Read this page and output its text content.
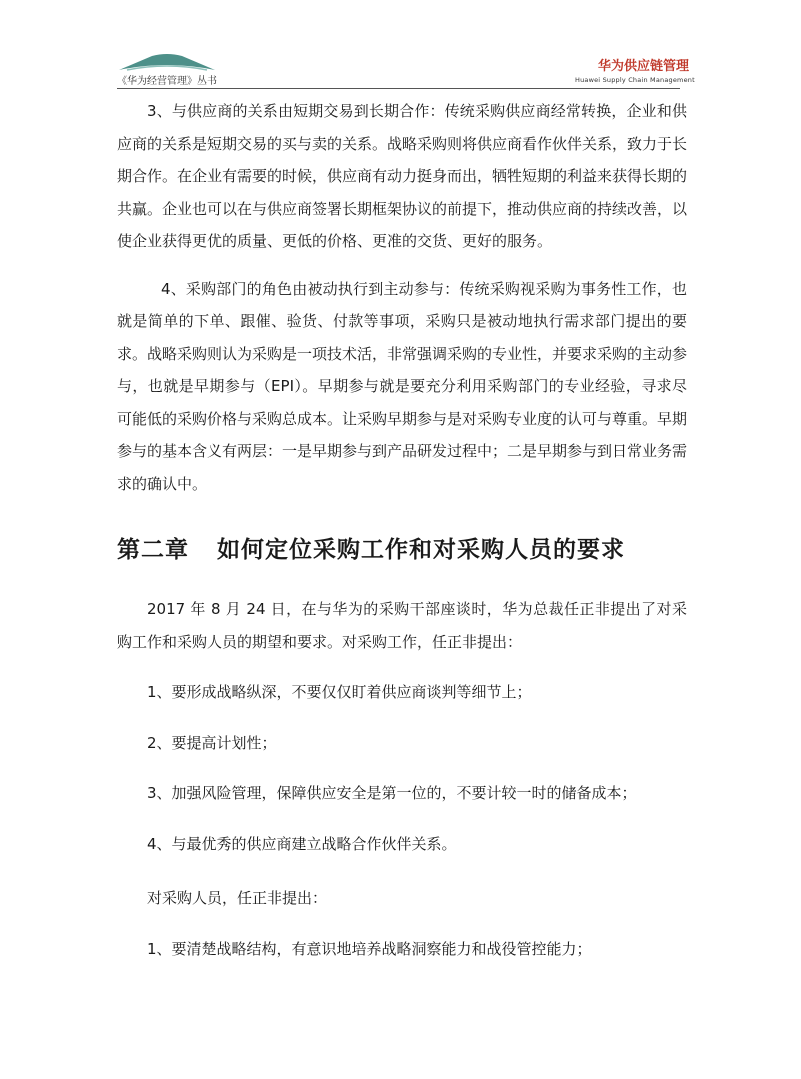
《华为经营管理》丛书
华为供应链管理
Huawei Supply Chain Management

3、与供应商的关系由短期交易到长期合作：传统采购供应商经常转换，企业和供应商的关系是短期交易的买与卖的关系。战略采购则将供应商看作伙伴关系，致力于长期合作。在企业有需要的时候，供应商有动力挺身而出，牺牲短期的利益来获得长期的共赢。企业也可以在与供应商签署长期框架协议的前提下，推动供应商的持续改善，以使企业获得更优的质量、更低的价格、更准的交货、更好的服务。

4、采购部门的角色由被动执行到主动参与：传统采购视采购为事务性工作，也就是简单的下单、跟催、验货、付款等事项，采购只是被动地执行需求部门提出的要求。战略采购则认为采购是一项技术活，非常强调采购的专业性，并要求采购的主动参与，也就是早期参与（EPI）。早期参与就是要充分利用采购部门的专业经验，寻求尽可能低的采购价格与采购总成本。让采购早期参与是对采购专业度的认可与尊重。早期参与的基本含义有两层：一是早期参与到产品研发过程中；二是早期参与到日常业务需求的确认中。

第二章 如何定位采购工作和对采购人员的要求

2017 年 8 月 24 日，在与华为的采购干部座谈时，华为总裁任正非提出了对采购工作和采购人员的期望和要求。对采购工作，任正非提出：

1、要形成战略纵深，不要仅仅盯着供应商谈判等细节上；

2、要提高计划性；

3、加强风险管理，保障供应安全是第一位的，不要计较一时的储备成本；

4、与最优秀的供应商建立战略合作伙伴关系。

对采购人员，任正非提出：

1、要清楚战略结构，有意识地培养战略洞察能力和战役管控能力；
